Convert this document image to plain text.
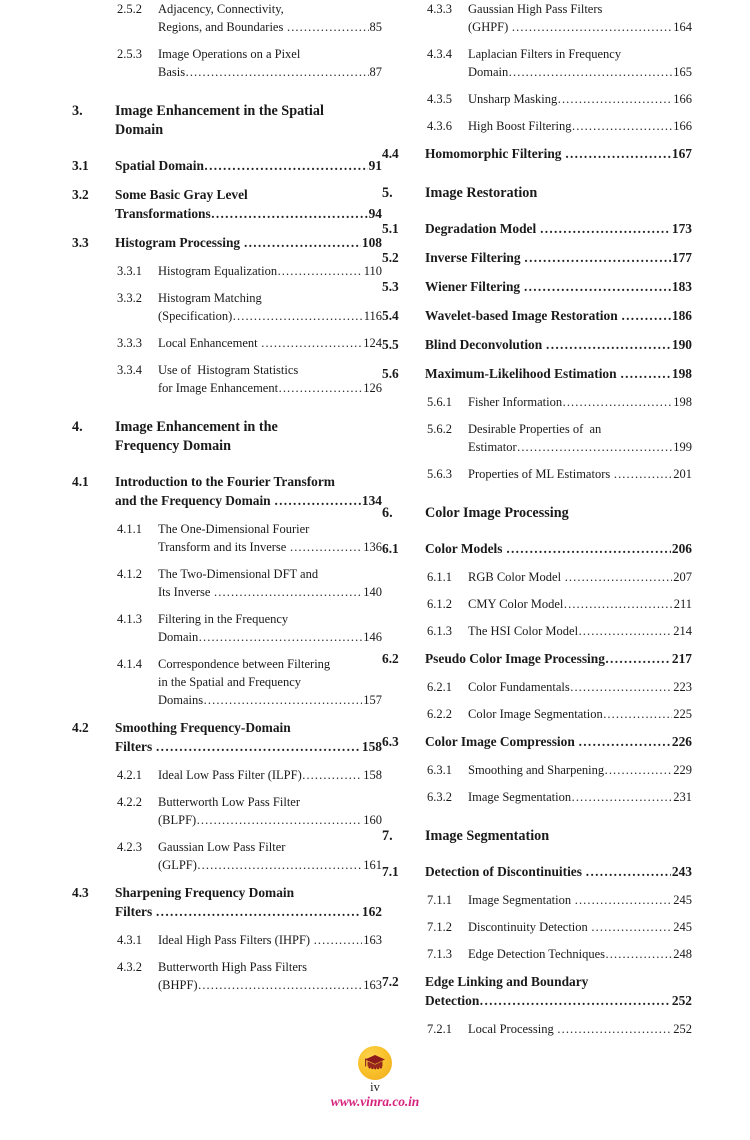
2.5.2	Adjacency, Connectivity,
Regions, and Boundaries .....	85
2.5.3	Image Operations on a Pixel
Basis .....	87
3.	Image Enhancement in the Spatial
Domain
3.1	Spatial Domain .....	91
3.2	Some Basic Gray Level
Transformations .....	94
3.3	Histogram Processing .....	108
3.3.1	Histogram Equalization .....	110
3.3.2	Histogram Matching
(Specification) .....	116
3.3.3	Local Enhancement .....	124
3.3.4	Use of  Histogram Statistics
for Image Enhancement .....	126
4.	Image Enhancement in the
Frequency Domain
4.1	Introduction to the Fourier Transform
and the Frequency Domain .....	134
4.1.1	The One-Dimensional Fourier
Transform and its Inverse .....	136
4.1.2	The Two-Dimensional DFT and
Its Inverse .....	140
4.1.3	Filtering in the Frequency
Domain .....	146
4.1.4	Correspondence between Filtering
in the Spatial and Frequency
Domains .....	157
4.2	Smoothing Frequency-Domain
Filters .....	158
4.2.1	Ideal Low Pass Filter (ILPF) .....	158
4.2.2	Butterworth Low Pass Filter
(BLPF) .....	160
4.2.3	Gaussian Low Pass Filter
(GLPF) .....	161
4.3	Sharpening Frequency Domain
Filters .....	162
4.3.1	Ideal High Pass Filters (IHPF) .....	163
4.3.2	Butterworth High Pass Filters
(BHPF) .....	163
4.3.3	Gaussian High Pass Filters
(GHPF) .....	164
4.3.4	Laplacian Filters in Frequency
Domain .....	165
4.3.5	Unsharp Masking .....	166
4.3.6	High Boost Filtering .....	166
4.4	Homomorphic Filtering .....	167
5.	Image Restoration
5.1	Degradation Model .....	173
5.2	Inverse Filtering .....	177
5.3	Wiener Filtering .....	183
5.4	Wavelet-based Image Restoration .....	186
5.5	Blind Deconvolution .....	190
5.6	Maximum-Likelihood Estimation .....	198
5.6.1	Fisher Information .....	198
5.6.2	Desirable Properties of  an
Estimator .....	199
5.6.3	Properties of ML Estimators .....	201
6.	Color Image Processing
6.1	Color Models .....	206
6.1.1	RGB Color Model .....	207
6.1.2	CMY Color Model .....	211
6.1.3	The HSI Color Model .....	214
6.2	Pseudo Color Image Processing .....	217
6.2.1	Color Fundamentals .....	223
6.2.2	Color Image Segmentation .....	225
6.3	Color Image Compression .....	226
6.3.1	Smoothing and Sharpening .....	229
6.3.2	Image Segmentation .....	231
7.	Image Segmentation
7.1	Detection of Discontinuities .....	243
7.1.1	Image Segmentation .....	245
7.1.2	Discontinuity Detection .....	245
7.1.3	Edge Detection Techniques .....	248
7.2	Edge Linking and Boundary
Detection .....	252
7.2.1	Local Processing .....	252
iv
www.vinra.co.in
